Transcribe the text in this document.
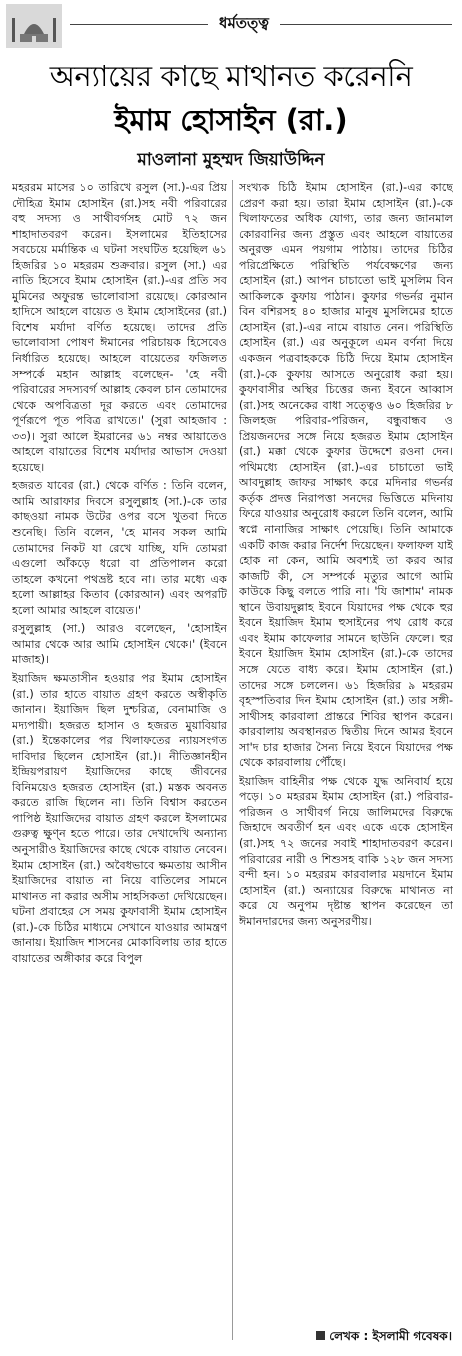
ধর্মতত্ত্ব
অন্যায়ের কাছে মাথানত করেননি
ইমাম হোসাইন (রা.)
মাওলানা মুহম্মদ জিয়াউদ্দিন

মহররম মাসের ১০ তারিখে রসুল (সা.)-এর প্রিয় দৌহিত্র ইমাম হোসাইন (রা.)সহ নবী পরিবারের বহু সদস্য ও সাথীবর্গসহ মোট ৭২ জন শাহাদাতবরণ করেন। ইসলামের ইতিহাসের সবচেয়ে মর্মান্তিক এ ঘটনা সংঘটিত হয়েছিল ৬১ হিজরির ১০ মহররম শুক্রবার। রসুল (সা.) এর নাতি হিসেবে ইমাম হোসাইন (রা.)-এর প্রতি সব মুমিনের অফুরন্ত ভালোবাসা রয়েছে। কোরআন হাদিসে আহলে বায়েত ও ইমাম হোসাইনের (রা.) বিশেষ মর্যাদা বর্ণিত হয়েছে। তাদের প্রতি ভালোবাসা পোষণ ঈমানের পরিচায়ক হিসেবেও নির্ধারিত হয়েছে। আহলে বায়েতের ফজিলত সম্পর্কে মহান আল্লাহ বলেছেন- 'হে নবী পরিবারের সদস্যবর্গ আল্লাহ কেবল চান তোমাদের থেকে অপবিত্রতা দূর করতে এবং তোমাদের পূর্ণরূপে পূত পবিত্র রাখতে।' (সুরা আহজাব : ৩৩)। সুরা আলে ইমরানের ৬১ নম্বর আয়াতেও আহলে বায়াতের বিশেষ মর্যাদার আভাস দেওয়া হয়েছে।

হজরত যাবের (রা.) থেকে বর্ণিত : তিনি বলেন, আমি আরাফার দিবসে রসুলুল্লাহ (সা.)-কে তার কাছওয়া নামক উটের ওপর বসে খুতবা দিতে শুনেছি। তিনি বলেন, 'হে মানব সকল আমি তোমাদের নিকট যা রেখে যাচ্ছি, যদি তোমরা এগুলো আঁকড়ে ধরো বা প্রতিপালন করো তাহলে কখনো পথভ্রষ্ট হবে না। তার মধ্যে এক হলো আল্লাহর কিতাব (কোরআন) এবং অপরটি হলো আমার আহলে বায়েত।'

রসুলুল্লাহ (সা.) আরও বলেছেন, 'হোসাইন আমার থেকে আর আমি হোসাইন থেকে।' (ইবনে মাজাহ)।

ইয়াজিদ ক্ষমতাসীন হওয়ার পর ইমাম হোসাইন (রা.) তার হাতে বায়াত গ্রহণ করতে অস্বীকৃতি জানান। ইয়াজিদ ছিল দুশ্চরিত্র, বেনামাজি ও মদ্যপায়ী। হজরত হাসান ও হজরত মুয়াবিয়ার (রা.) ইন্তেকালের পর খিলাফতের ন্যায়সংগত দাবিদার ছিলেন হোসাইন (রা.)। নীতিজ্ঞানহীন ইন্দ্রিয়পরায়ণ ইয়াজিদের কাছে জীবনের বিনিময়েও হজরত হোসাইন (রা.) মস্তক অবনত করতে রাজি ছিলেন না। তিনি বিশ্বাস করতেন পাপিষ্ঠ ইয়াজিদের বায়াত গ্রহণ করলে ইসলামের গুরুত্ব ক্ষুণ্ন হতে পারে। তার দেখাদেখি অন্যান্য অনুসারীও ইয়াজিদের কাছে থেকে বায়াত নেবেন। ইমাম হোসাইন (রা.) অবৈধভাবে ক্ষমতায় আসীন ইয়াজিদের বায়াত না নিয়ে বাতিলের সামনে মাথানত না করার অসীম সাহসিকতা দেখিয়েছেন। ঘটনা প্রবাহের সে সময় কুফাবাসী ইমাম হোসাইন (রা.)-কে চিঠির মাধ্যমে সেখানে যাওয়ার আমন্ত্রণ জানায়। ইয়াজিদ শাসনের মোকাবিলায় তার হাতে বায়াতের অঙ্গীকার করে বিপুল

সংখ্যক চিঠি ইমাম হোসাইন (রা.)-এর কাছে প্রেরণ করা হয়। তারা ইমাম হোসাইন (রা.)-কে খিলাফতের অধিক যোগ্য, তার জন্য জানমাল কোরবানির জন্য প্রস্তুত এবং আহলে বায়াতের অনুরক্ত এমন পয়গাম পাঠায়। তাদের চিঠির পরিপ্রেক্ষিতে পরিস্থিতি পর্যবেক্ষণের জন্য হোসাইন (রা.) আপন চাচাতো ভাই মুসলিম বিন আকিলকে কুফায় পাঠান। কুফার গভর্নর নুমান বিন বশিরসহ ৪০ হাজার মানুষ মুসলিমের হাতে হোসাইন (রা.)-এর নামে বায়াত নেন। পরিস্থিতি হোসাইন (রা.) এর অনুকূলে এমন বর্ণনা দিয়ে একজন পত্রবাহককে চিঠি দিয়ে ইমাম হোসাইন (রা.)-কে কুফায় আসতে অনুরোধ করা হয়। কুফাবাসীর অস্থির চিত্তের জন্য ইবনে আব্বাস (রা.)সহ অনেকের বাধা সত্ত্বেও ৬০ হিজরির ৮ জিলহজ পরিবার-পরিজন, বন্ধুবান্ধব ও প্রিয়জনদের সঙ্গে নিয়ে হজরত ইমাম হোসাইন (রা.) মক্কা থেকে কুফার উদ্দেশে রওনা দেন। পথিমধ্যে হোসাইন (রা.)-এর চাচাতো ভাই আবদুল্লাহ জাফর সাক্ষাৎ করে মদিনার গভর্নর কর্তৃক প্রদত্ত নিরাপত্তা সনদের ভিত্তিতে মদিনায় ফিরে যাওয়ার অনুরোধ করলে তিনি বলেন, আমি স্বপ্নে নানাজির সাক্ষাৎ পেয়েছি। তিনি আমাকে একটি কাজ করার নির্দেশ দিয়েছেন। ফলাফল যাই হোক না কেন, আমি অবশ্যই তা করব আর কাজটি কী, সে সম্পর্কে মৃত্যুর আগে আমি কাউকে কিছু বলতে পারি না। 'যি জাশাম' নামক স্থানে উবায়দুল্লাহ ইবনে যিয়াদের পক্ষ থেকে হুর ইবনে ইয়াজিদ ইমাম হুসাইনের পথ রোধ করে এবং ইমাম কাফেলার সামনে ছাউনি ফেলে। হুর ইবনে ইয়াজিদ ইমাম হোসাইন (রা.)-কে তাদের সঙ্গে যেতে বাধ্য করে। ইমাম হোসাইন (রা.) তাদের সঙ্গে চললেন। ৬১ হিজরির ৯ মহররম বৃহস্পতিবার দিন ইমাম হোসাইন (রা.) তার সঙ্গী-সাথীসহ কারবালা প্রান্তরে শিবির স্থাপন করেন। কারবালায় অবস্থানরত দ্বিতীয় দিনে আমর ইবনে সা'দ চার হাজার সৈন্য নিয়ে ইবনে যিয়াদের পক্ষ থেকে কারবালায় পৌঁছে।

ইয়াজিদ বাহিনীর পক্ষ থেকে যুদ্ধ অনিবার্য হয়ে পড়ে। ১০ মহররম ইমাম হোসাইন (রা.) পরিবার-পরিজন ও সাথীবর্গ নিয়ে জালিমদের বিরুদ্ধে জিহাদে অবতীর্ণ হন এবং একে একে হোসাইন (রা.)সহ ৭২ জনের সবাই শাহাদাতবরণ করেন। পরিবারের নারী ও শিশুসহ বাকি ১২৮ জন সদস্য বন্দী হন। ১০ মহররম কারবালার ময়দানে ইমাম হোসাইন (রা.) অন্যায়ের বিরুদ্ধে মাথানত না করে যে অনুপম দৃষ্টান্ত স্থাপন করেছেন তা ঈমানদারদের জন্য অনুসরণীয়।

লেখক : ইসলামী গবেষক।
